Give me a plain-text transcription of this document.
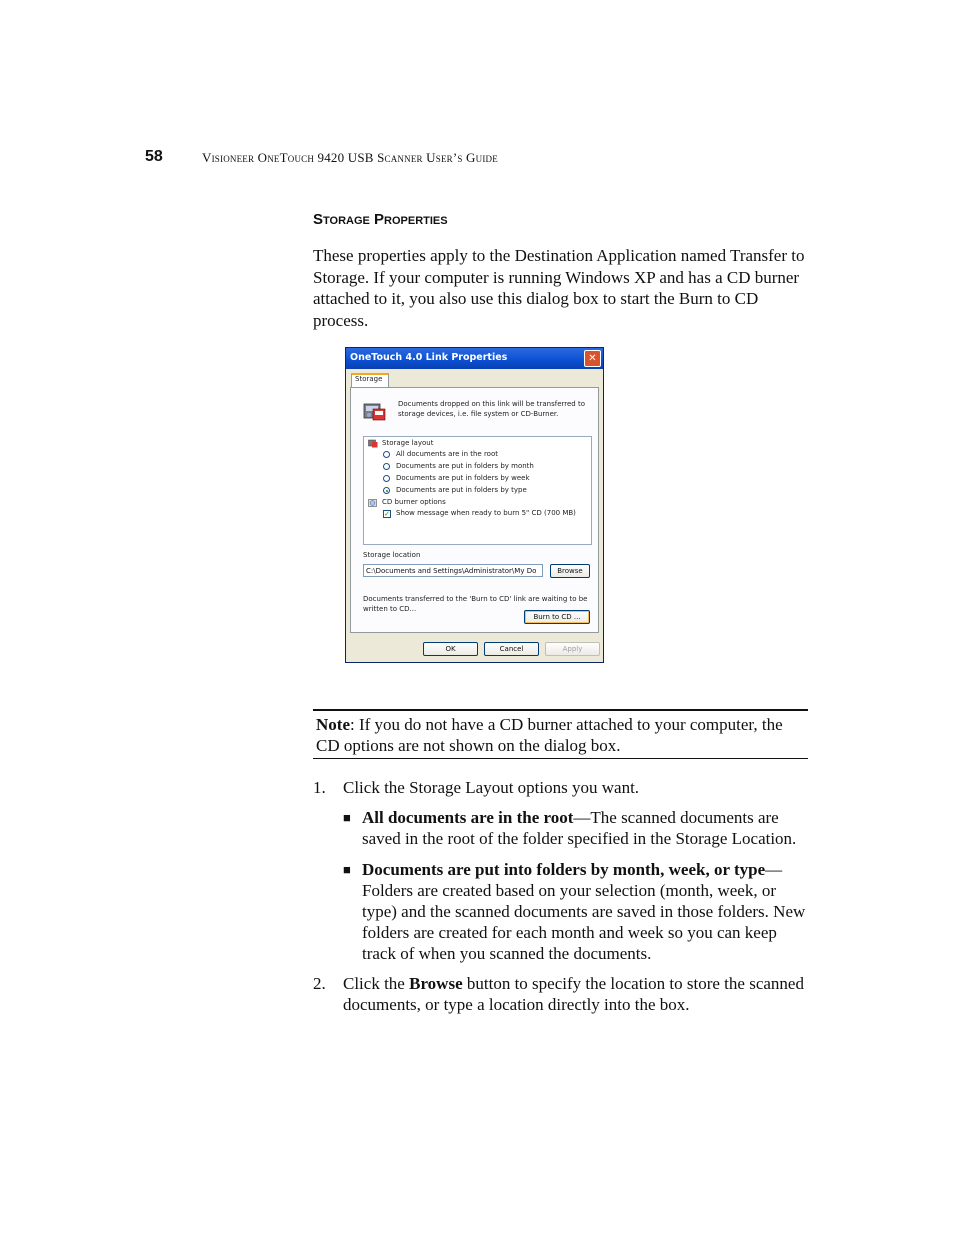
58	Visioneer OneTouch 9420 USB Scanner User’s Guide
Storage Properties
These properties apply to the Destination Application named Transfer to Storage. If your computer is running Windows XP and has a CD burner attached to it, you also use this dialog box to start the Burn to CD process.
OneTouch 4.0 Link Properties	✕
Storage
Documents dropped on this link will be transferred to storage devices, i.e. file system or CD-Burner.
Storage layout
All documents are in the root
Documents are put in folders by month
Documents are put in folders by week
Documents are put in folders by type
CD burner options
✓ Show message when ready to burn 5" CD (700 MB)
Storage location
C:\Documents and Settings\Administrator\My Do	Browse
Documents transferred to the 'Burn to CD' link are waiting to be written to CD...
Burn to CD ...
OK	Cancel	Apply
Note: If you do not have a CD burner attached to your computer, the CD options are not shown on the dialog box.
1. Click the Storage Layout options you want.
■ All documents are in the root—The scanned documents are saved in the root of the folder specified in the Storage Location.
■ Documents are put into folders by month, week, or type—Folders are created based on your selection (month, week, or type) and the scanned documents are saved in those folders. New folders are created for each month and week so you can keep track of when you scanned the documents.
2. Click the Browse button to specify the location to store the scanned documents, or type a location directly into the box.
